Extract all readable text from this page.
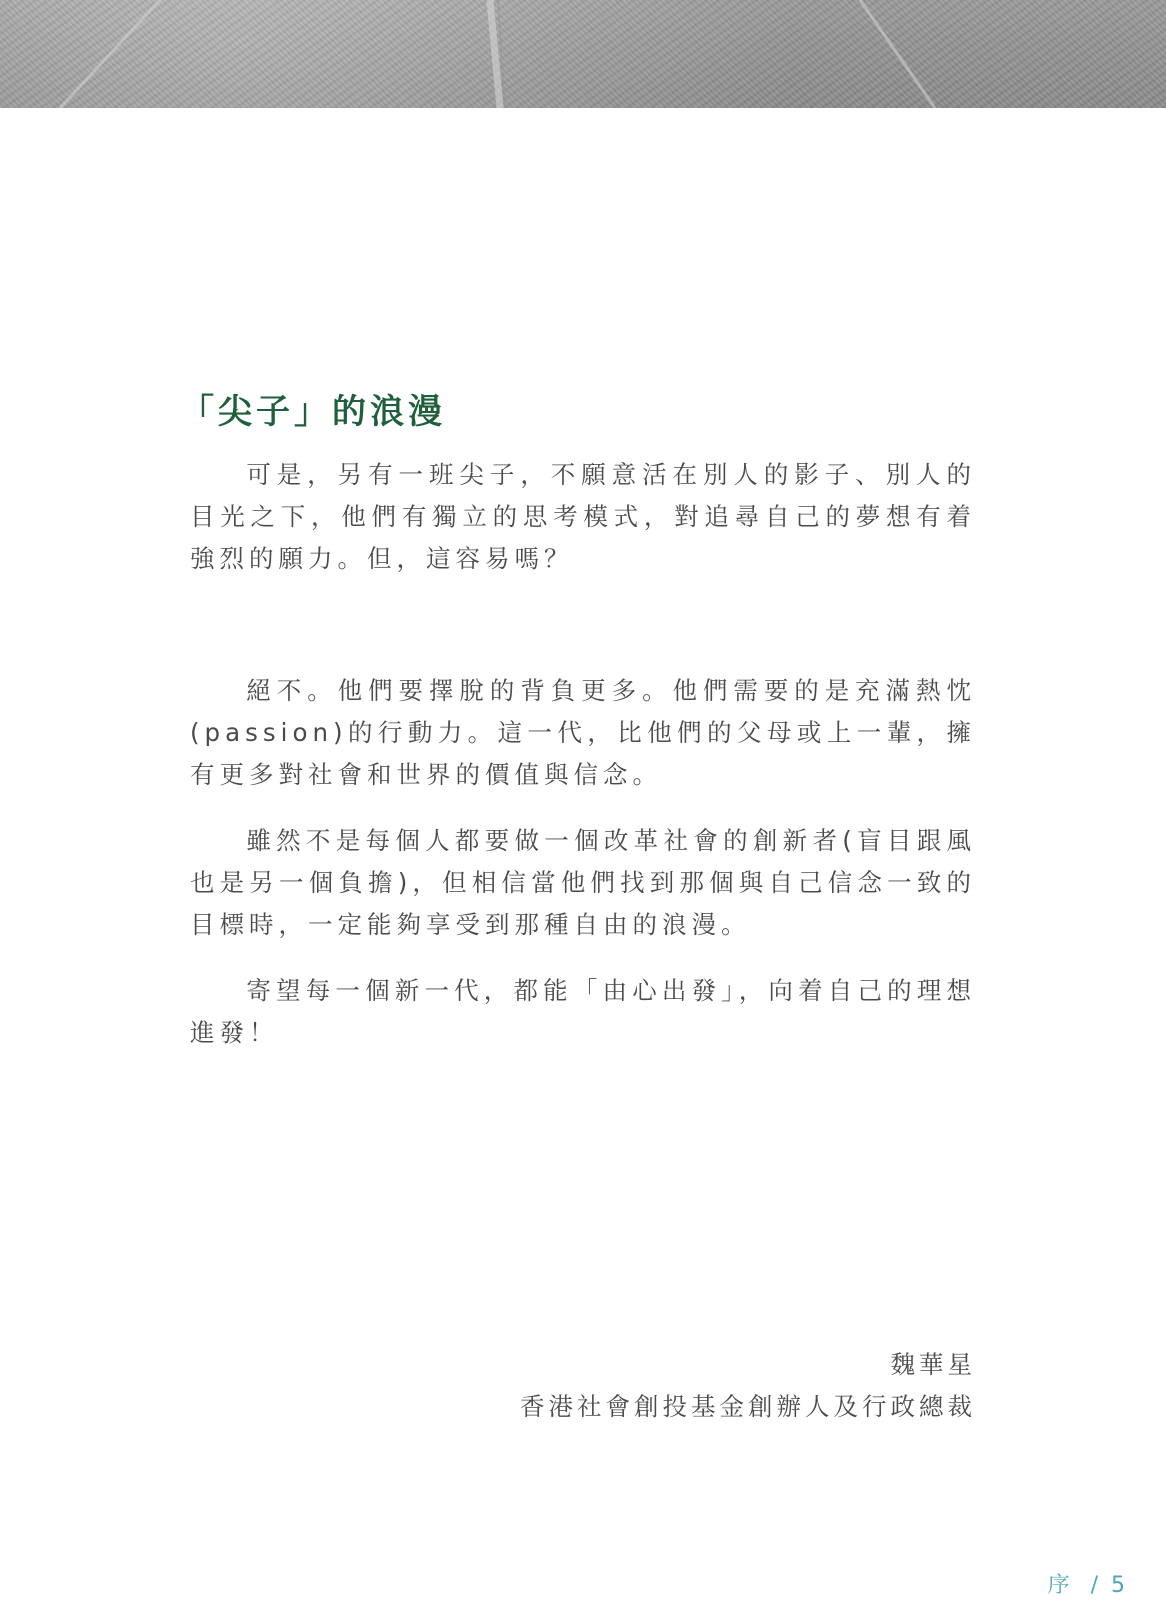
「尖子」的浪漫

可是，另有一班尖子，不願意活在別人的影子、別人的目光之下，他們有獨立的思考模式，對追尋自己的夢想有着強烈的願力。但，這容易嗎？

絕不。他們要擇脫的背負更多。他們需要的是充滿熱忱(passion)的行動力。這一代，比他們的父母或上一輩，擁有更多對社會和世界的價值與信念。

雖然不是每個人都要做一個改革社會的創新者(盲目跟風也是另一個負擔)，但相信當他們找到那個與自己信念一致的目標時，一定能夠享受到那種自由的浪漫。

寄望每一個新一代，都能「由心出發」，向着自己的理想進發！

魏華星
香港社會創投基金創辦人及行政總裁
序 / 5
